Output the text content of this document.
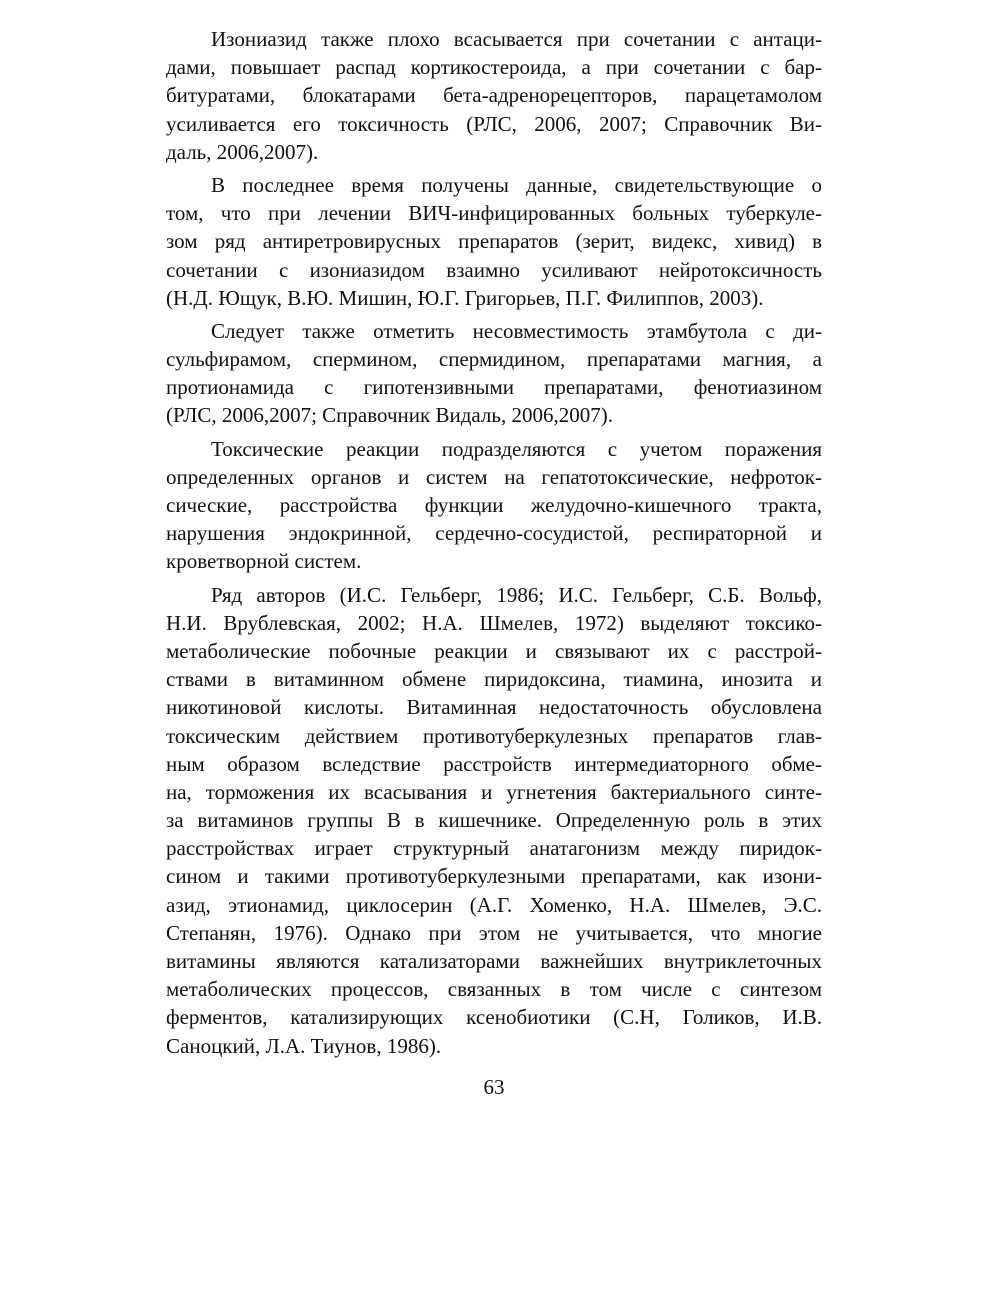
Изониазид также плохо всасывается при сочетании с антаци-
дами, повышает распад кортикостероида, а при сочетании с бар-
битуратами, блокатарами бета-адренорецепторов, парацетамолом
усиливается его токсичность (РЛС, 2006, 2007; Справочник Ви-
даль, 2006,2007).

В последнее время получены данные, свидетельствующие о
том, что при лечении ВИЧ-инфицированных больных туберкуле-
зом ряд антиретровирусных препаратов (зерит, видекс, хивид) в
сочетании с изониазидом взаимно усиливают нейротоксичность
(Н.Д. Ющук, В.Ю. Мишин, Ю.Г. Григорьев, П.Г. Филиппов, 2003).

Следует также отметить несовместимость этамбутола с ди-
сульфирамом, спермином, спермидином, препаратами магния, а
протионамида с гипотензивными препаратами, фенотиазином
(РЛС, 2006,2007; Справочник Видаль, 2006,2007).

Токсические реакции подразделяются с учетом поражения
определенных органов и систем на гепатотоксические, нефроток-
сические, расстройства функции желудочно-кишечного тракта,
нарушения эндокринной, сердечно-сосудистой, респираторной и
кроветворной систем.

Ряд авторов (И.С. Гельберг, 1986; И.С. Гельберг, С.Б. Вольф,
Н.И. Врублевская, 2002; Н.А. Шмелев, 1972) выделяют токсико-
метаболические побочные реакции и связывают их с расстрой-
ствами в витаминном обмене пиридоксина, тиамина, инозита и
никотиновой кислоты. Витаминная недостаточность обусловлена
токсическим действием противотуберкулезных препаратов глав-
ным образом вследствие расстройств интермедиаторного обме-
на, торможения их всасывания и угнетения бактериального синте-
за витаминов группы В в кишечнике. Определенную роль в этих
расстройствах играет структурный анатагонизм между пиридок-
сином и такими противотуберкулезными препаратами, как изони-
азид, этионамид, циклосерин (А.Г. Хоменко, Н.А. Шмелев, Э.С.
Степанян, 1976). Однако при этом не учитывается, что многие
витамины являются катализаторами важнейших внутриклеточных
метаболических процессов, связанных в том числе с синтезом
ферментов, катализирующих ксенобиотики (С.Н, Голиков, И.В.
Саноцкий, Л.А. Тиунов, 1986).

63
